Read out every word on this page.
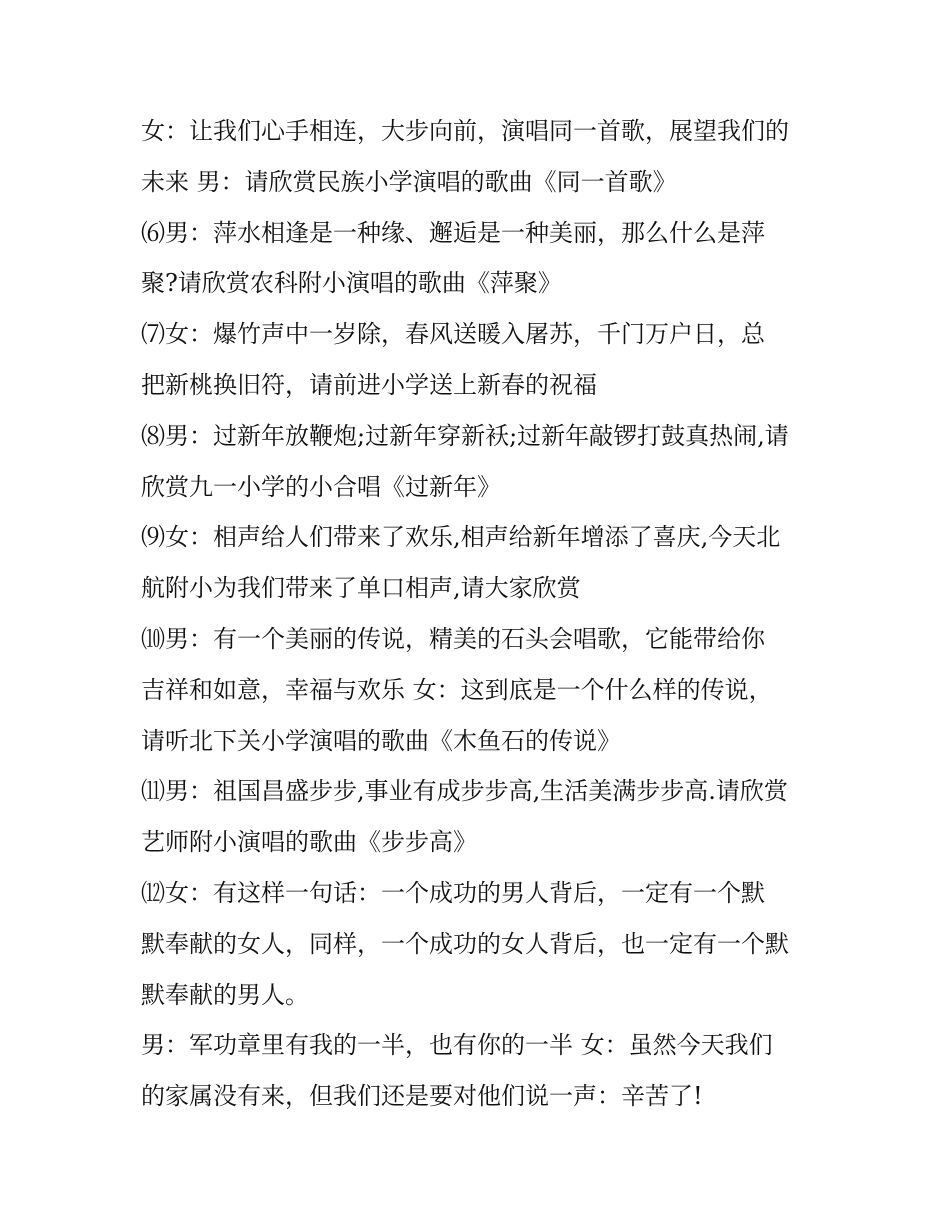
女：让我们心手相连，大步向前，演唱同一首歌，展望我们的
未来 男：请欣赏民族小学演唱的歌曲《同一首歌》
⑹男：萍水相逢是一种缘、邂逅是一种美丽，那么什么是萍
聚?请欣赏农科附小演唱的歌曲《萍聚》
⑺女：爆竹声中一岁除，春风送暖入屠苏，千门万户日，总
把新桃换旧符，请前进小学送上新春的祝福
⑻男：过新年放鞭炮;过新年穿新袄;过新年敲锣打鼓真热闹,请
欣赏九一小学的小合唱《过新年》
⑼女：相声给人们带来了欢乐,相声给新年增添了喜庆,今天北
航附小为我们带来了单口相声,请大家欣赏
⑽男：有一个美丽的传说，精美的石头会唱歌，它能带给你
吉祥和如意，幸福与欢乐 女：这到底是一个什么样的传说，
请听北下关小学演唱的歌曲《木鱼石的传说》
⑾男：祖国昌盛步步,事业有成步步高,生活美满步步高.请欣赏
艺师附小演唱的歌曲《步步高》
⑿女：有这样一句话：一个成功的男人背后，一定有一个默
默奉献的女人，同样，一个成功的女人背后，也一定有一个默
默奉献的男人。
男：军功章里有我的一半，也有你的一半 女：虽然今天我们
的家属没有来，但我们还是要对他们说一声：辛苦了!
